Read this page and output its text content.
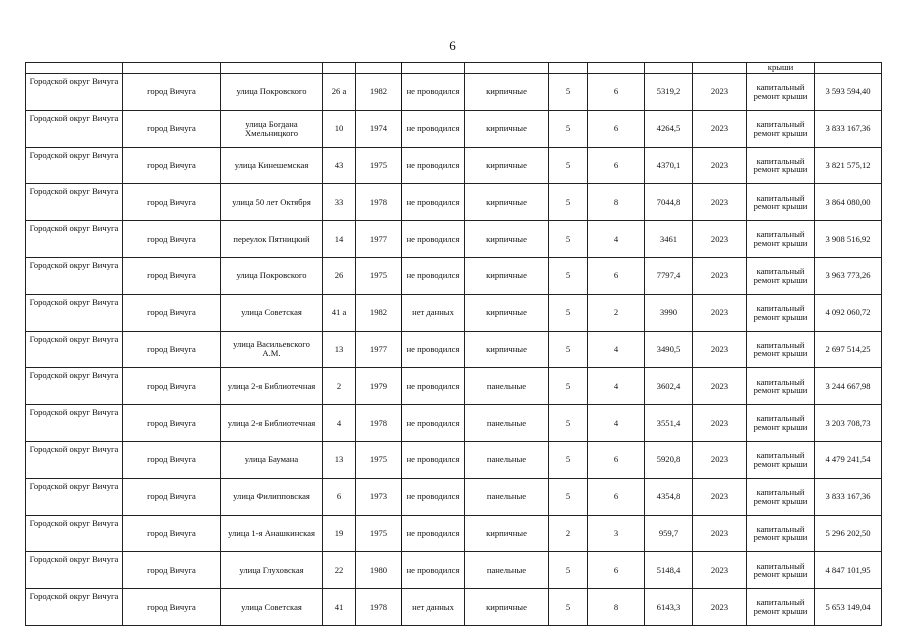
6
											крыши	
Городской округ Вичуга	город Вичуга	улица Покровского	26 а	1982	не проводился	кирпичные	5	6	5319,2	2023	капитальный ремонт крыши	3 593 594,40
Городской округ Вичуга	город Вичуга	улица Богдана Хмельницкого	10	1974	не проводился	кирпичные	5	6	4264,5	2023	капитальный ремонт крыши	3 833 167,36
Городской округ Вичуга	город Вичуга	улица Кинешемская	43	1975	не проводился	кирпичные	5	6	4370,1	2023	капитальный ремонт крыши	3 821 575,12
Городской округ Вичуга	город Вичуга	улица 50 лет Октября	33	1978	не проводился	кирпичные	5	8	7044,8	2023	капитальный ремонт крыши	3 864 080,00
Городской округ Вичуга	город Вичуга	переулок Пятницкий	14	1977	не проводился	кирпичные	5	4	3461	2023	капитальный ремонт крыши	3 908 516,92
Городской округ Вичуга	город Вичуга	улица Покровского	26	1975	не проводился	кирпичные	5	6	7797,4	2023	капитальный ремонт крыши	3 963 773,26
Городской округ Вичуга	город Вичуга	улица Советская	41 а	1982	нет данных	кирпичные	5	2	3990	2023	капитальный ремонт крыши	4 092 060,72
Городской округ Вичуга	город Вичуга	улица Васильевского А.М.	13	1977	не проводился	кирпичные	5	4	3490,5	2023	капитальный ремонт крыши	2 697 514,25
Городской округ Вичуга	город Вичуга	улица 2-я Библиотечная	2	1979	не проводился	панельные	5	4	3602,4	2023	капитальный ремонт крыши	3 244 667,98
Городской округ Вичуга	город Вичуга	улица 2-я Библиотечная	4	1978	не проводился	панельные	5	4	3551,4	2023	капитальный ремонт крыши	3 203 708,73
Городской округ Вичуга	город Вичуга	улица Баумана	13	1975	не проводился	панельные	5	6	5920,8	2023	капитальный ремонт крыши	4 479 241,54
Городской округ Вичуга	город Вичуга	улица Филипповская	6	1973	не проводился	панельные	5	6	4354,8	2023	капитальный ремонт крыши	3 833 167,36
Городской округ Вичуга	город Вичуга	улица 1-я Анашкинская	19	1975	не проводился	кирпичные	2	3	959,7	2023	капитальный ремонт крыши	5 296 202,50
Городской округ Вичуга	город Вичуга	улица Глуховская	22	1980	не проводился	панельные	5	6	5148,4	2023	капитальный ремонт крыши	4 847 101,95
Городской округ Вичуга	город Вичуга	улица Советская	41	1978	нет данных	кирпичные	5	8	6143,3	2023	капитальный ремонт крыши	5 653 149,04
